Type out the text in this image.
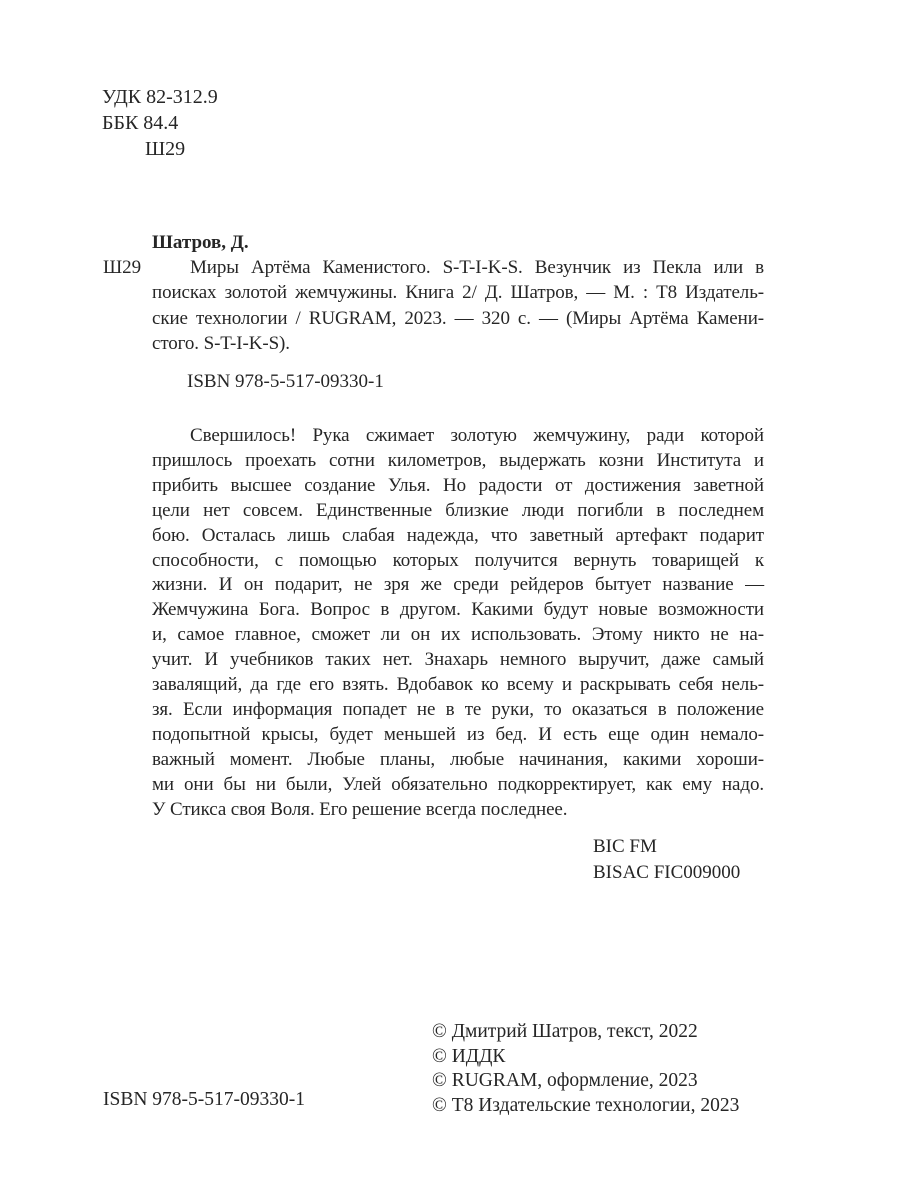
УДК 82-312.9
ББК 84.4
Ш29
Ш29
Шатров, Д.
Миры Артёма Каменистого. S-T-I-K-S. Везунчик из Пекла или в
поисках золотой жемчужины. Книга 2/ Д. Шатров, — М. : Т8 Издатель-
ские технологии / RUGRAM, 2023. — 320 с. — (Миры Артёма Камени-
стого. S-T-I-K-S).
ISBN 978-5-517-09330-1
Свершилось! Рука сжимает золотую жемчужину, ради которой
пришлось проехать сотни километров, выдержать козни Института и
прибить высшее создание Улья. Но радости от достижения заветной
цели нет совсем. Единственные близкие люди погибли в последнем
бою. Осталась лишь слабая надежда, что заветный артефакт подарит
способности, с помощью которых получится вернуть товарищей к
жизни. И он подарит, не зря же среди рейдеров бытует название —
Жемчужина Бога. Вопрос в другом. Какими будут новые возможности
и, самое главное, сможет ли он их использовать. Этому никто не на-
учит. И учебников таких нет. Знахарь немного выручит, даже самый
завалящий, да где его взять. Вдобавок ко всему и раскрывать себя нель-
зя. Если информация попадет не в те руки, то оказаться в положение
подопытной крысы, будет меньшей из бед. И есть еще один немало-
важный момент. Любые планы, любые начинания, какими хороши-
ми они бы ни были, Улей обязательно подкорректирует, как ему надо.
У Стикса своя Воля. Его решение всегда последнее.
BIC FM
BISAC FIC009000
ISBN 978-5-517-09330-1
© Дмитрий Шатров, текст, 2022
© ИДДК
© RUGRAM, оформление, 2023
© Т8 Издательские технологии, 2023
